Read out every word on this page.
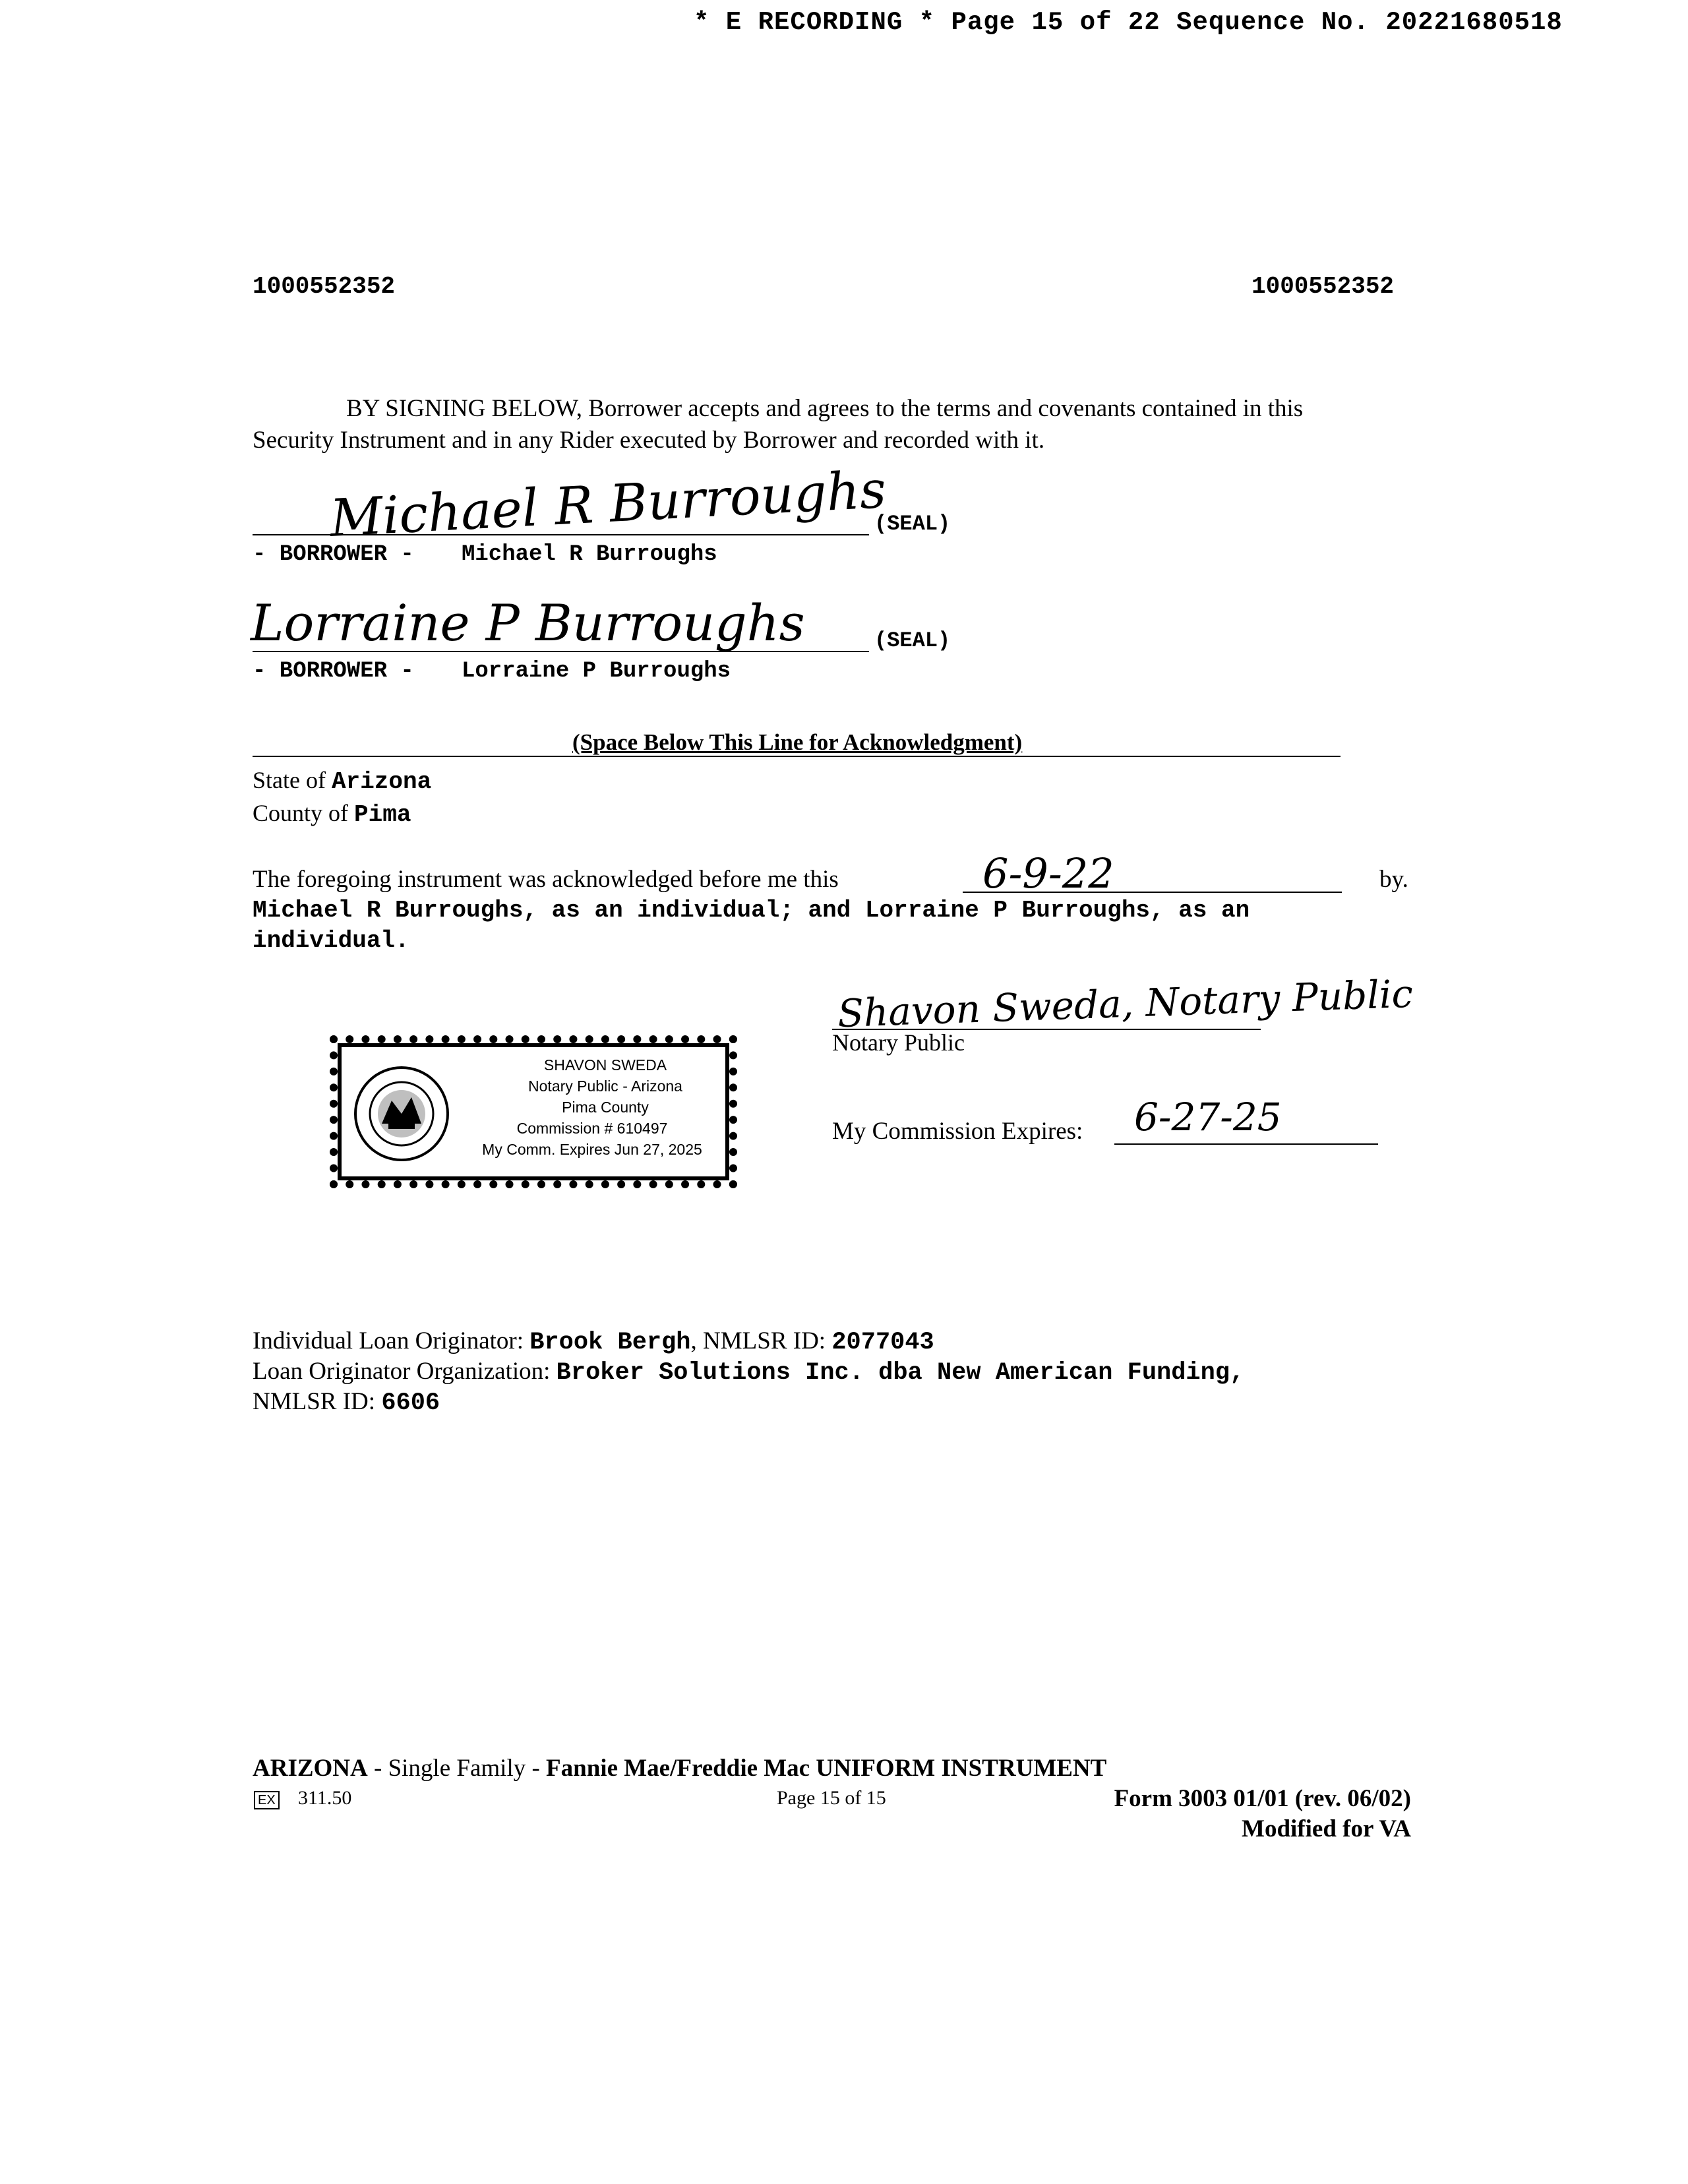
* E RECORDING * Page 15 of 22 Sequence No. 20221680518
1000552352	1000552352
BY SIGNING BELOW, Borrower accepts and agrees to the terms and covenants contained in this
Security Instrument and in any Rider executed by Borrower and recorded with it.
Michael R Burroughs
(SEAL)
- BORROWER - Michael R Burroughs
Lorraine P Burroughs	(SEAL)
- BORROWER - Lorraine P Burroughs
(Space Below This Line for Acknowledgment)
State of Arizona
County of Pima
The foregoing instrument was acknowledged before me this	6-9-22	by.
Michael R Burroughs, as an individual; and Lorraine P Burroughs, as an
individual.
Shavon Sweda, Notary Public
Notary Public
My Commission Expires: 6-27-25
SHAVON SWEDA
Notary Public - Arizona
Pima County
Commission # 610497
My Comm. Expires Jun 27, 2025
Individual Loan Originator: Brook Bergh, NMLSR ID: 2077043
Loan Originator Organization: Broker Solutions Inc. dba New American Funding,
NMLSR ID: 6606
ARIZONA - Single Family - Fannie Mae/Freddie Mac UNIFORM INSTRUMENT
EX 311.50	Page 15 of 15	Form 3003 01/01 (rev. 06/02)
Modified for VA
